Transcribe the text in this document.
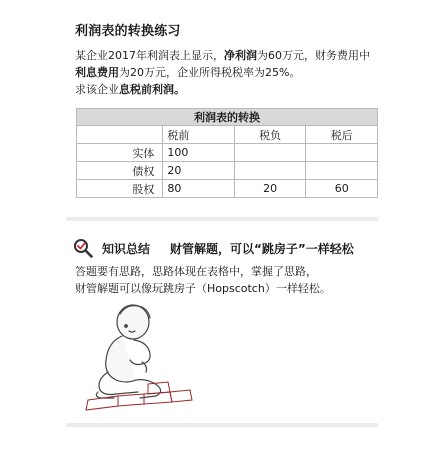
利润表的转换练习
某企业2017年利润表上显示，净利润为60万元，财务费用中
利息费用为20万元，企业所得税税率为25%。
求该企业息税前利润。
利润表的转换			
	税前	税负	税后
实体	100		
债权	20		
股权	80	20	60
知识总结 财管解题，可以“跳房子”一样轻松
答题要有思路，思路体现在表格中，掌握了思路，
财管解题可以像玩跳房子（Hopscotch）一样轻松。
